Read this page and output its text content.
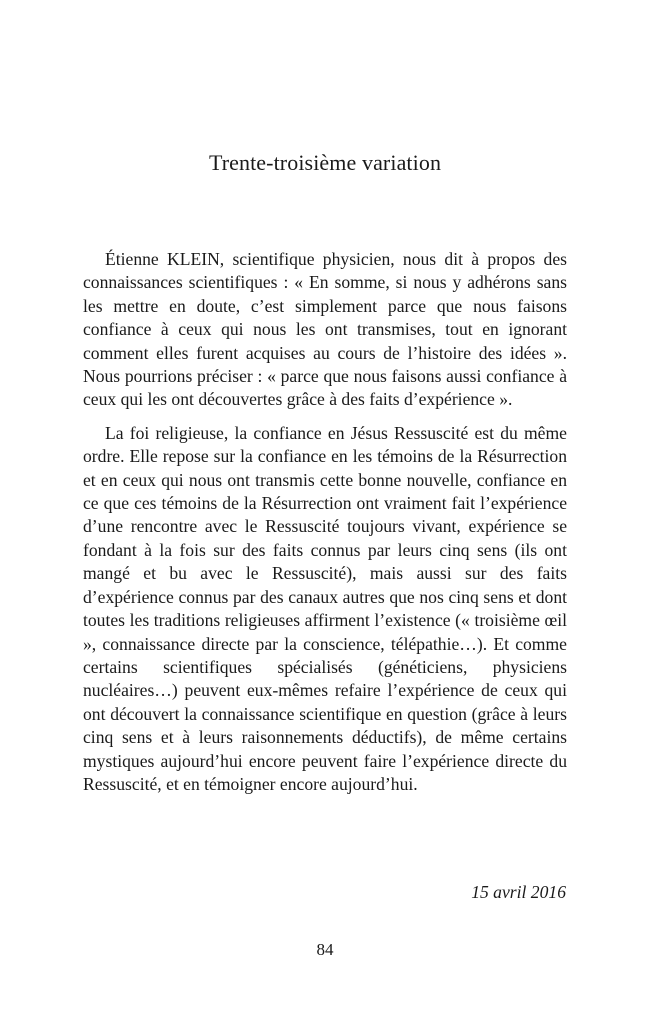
Trente-troisième variation

Étienne KLEIN, scientifique physicien, nous dit à propos des connaissances scientifiques : « En somme, si nous y adhérons sans les mettre en doute, c’est simplement parce que nous faisons confiance à ceux qui nous les ont transmises, tout en ignorant comment elles furent acquises au cours de l’histoire des idées ». Nous pourrions préciser : « parce que nous faisons aussi confiance à ceux qui les ont découvertes grâce à des faits d’expérience ».

La foi religieuse, la confiance en Jésus Ressuscité est du même ordre. Elle repose sur la confiance en les témoins de la Résurrection et en ceux qui nous ont transmis cette bonne nouvelle, confiance en ce que ces témoins de la Résurrection ont vraiment fait l’expérience d’une rencontre avec le Ressuscité toujours vivant, expérience se fondant à la fois sur des faits connus par leurs cinq sens (ils ont mangé et bu avec le Ressuscité), mais aussi sur des faits d’expérience connus par des canaux autres que nos cinq sens et dont toutes les traditions religieuses affirment l’existence (« troisième œil », connaissance directe par la conscience, télépathie…). Et comme certains scientifiques spécialisés (généticiens, physiciens nucléaires…) peuvent eux-mêmes refaire l’expérience de ceux qui ont découvert la connaissance scientifique en question (grâce à leurs cinq sens et à leurs raisonnements déductifs), de même certains mystiques aujourd’hui encore peuvent faire l’expérience directe du Ressuscité, et en témoigner encore aujourd’hui.

15 avril 2016

84
